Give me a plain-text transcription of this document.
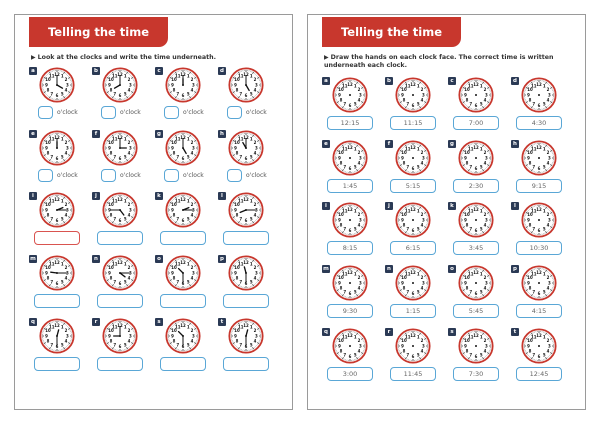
Telling the time
▶ Look at the clocks and write the time underneath.
a
1
2
3
4
5
6
7
8
9
10
11 12
o'clock
b
1
2
3
4
5
6
7
8
9
10
11 12
o'clock
c
1
2
3
4
5
6
7
8
9
10
11 12
o'clock
d
1
2
3
4
5
6
7
8
9
10
11 12
o'clock
e
1
2
3
4
5
6
7
8
9
10
11 12
o'clock
f
1
2
3
4
5
6
7
8
9
10
11 12
o'clock
g
1
2
3
4
5
6
7
8
9
10
11 12
o'clock
h
1
2
3
4
5
6
7
8
9
10
11 12
o'clock
i
1
2
3
4
5
6
7
8
9
10
11 12
j
1
2
3
4
5
6
7
8
9
10
11 12
k
1
2
3
4
5
6
7
8
9
10
11 12
l
1
2
3
4
5
6
7
8
9
10
11 12
m
1
2
3
4
5
6
7
8
9
10
11 12
n
1
2
3
4
5
6
7
8
9
10
11 12
o
1
2
3
4
5
6
7
8
9
10
11 12
p
1
2
3
4
5
6
7
8
9
10
11 12
q
1
2
3
4
5
6
7
8
9
10
11 12
r
1
2
3
4
5
6
7
8
9
10
11 12
s
1
2
3
4
5
6
7
8
9
10
11 12
t
1
2
3
4
5
6
7
8
9
10
11 12
Telling the time
▶ Draw the hands on each clock face. The correct time is written underneath each clock.
a
1
2
3
4
5
6
7
8
9
10
11 12
12:15
b
1
2
3
4
5
6
7
8
9
10
11 12
11:15
c
1
2
3
4
5
6
7
8
9
10
11 12
7:00
d
1
2
3
4
5
6
7
8
9
10
11 12
4:30
e
1
2
3
4
5
6
7
8
9
10
11 12
1:45
f
1
2
3
4
5
6
7
8
9
10
11 12
5:15
g
1
2
3
4
5
6
7
8
9
10
11 12
2:30
h
1
2
3
4
5
6
7
8
9
10
11 12
9:15
i
1
2
3
4
5
6
7
8
9
10
11 12
8:15
j
1
2
3
4
5
6
7
8
9
10
11 12
6:15
k
1
2
3
4
5
6
7
8
9
10
11 12
3:45
l
1
2
3
4
5
6
7
8
9
10
11 12
10:30
m
1
2
3
4
5
6
7
8
9
10
11 12
9:30
n
1
2
3
4
5
6
7
8
9
10
11 12
1:15
o
1
2
3
4
5
6
7
8
9
10
11 12
5:45
p
1
2
3
4
5
6
7
8
9
10
11 12
4:15
q
1
2
3
4
5
6
7
8
9
10
11 12
3:00
r
1
2
3
4
5
6
7
8
9
10
11 12
11:45
s
1
2
3
4
5
6
7
8
9
10
11 12
7:30
t
1
2
3
4
5
6
7
8
9
10
11 12
12:45
